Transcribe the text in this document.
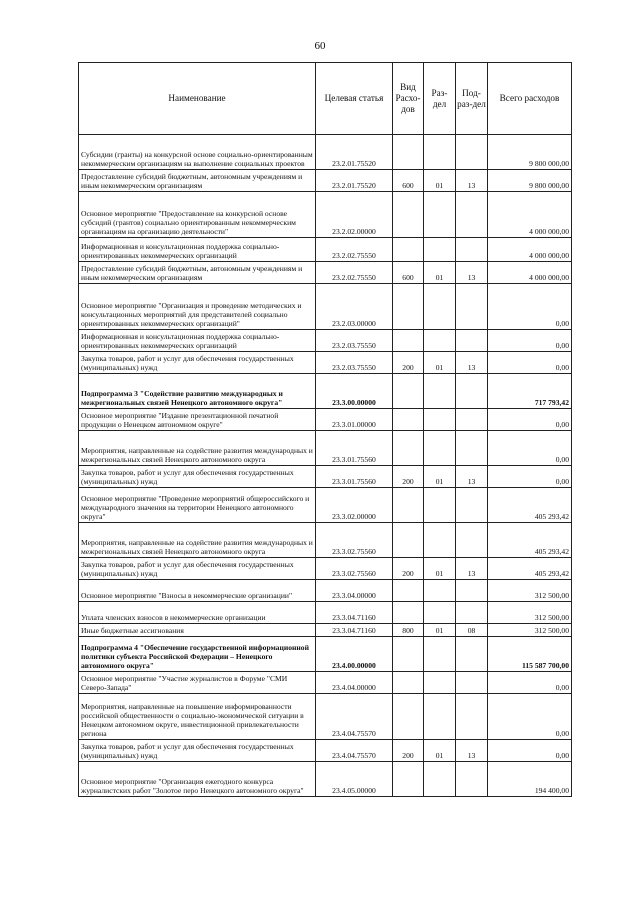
60
Наименование	Целевая статья	Вид Расхо-дов	Раз-дел	Под-раз-дел	Всего расходов
Субсидии (гранты) на конкурсной основе социально-ориентированным некоммерческим организациям на выполнение социальных проектов	23.2.01.75520				9 800 000,00
Предоставление субсидий бюджетным, автономным учреждениям и иным некоммерческим организациям	23.2.01.75520	600	01	13	9 800 000,00
Основное мероприятие "Предоставление на конкурсной основе субсидий (грантов) социально ориентированным некоммерческим организациям на организацию деятельности"	23.2.02.00000				4 000 000,00
Информационная и консультационная поддержка социально-ориентированных некоммерческих организаций	23.2.02.75550				4 000 000,00
Предоставление субсидий бюджетным, автономным учреждениям и иным некоммерческим организациям	23.2.02.75550	600	01	13	4 000 000,00
Основное мероприятие "Организация и проведение методических и консультационных мероприятий для представителей социально ориентированных некоммерческих организаций"	23.2.03.00000				0,00
Информационная и консультационная поддержка социально-ориентированных некоммерческих организаций	23.2.03.75550				0,00
Закупка товаров, работ и услуг для обеспечения государственных (муниципальных) нужд	23.2.03.75550	200	01	13	0,00
Подпрограмма 3 "Содействие развитию международных и межрегиональных связей Ненецкого автономного округа"	23.3.00.00000				717 793,42
Основное мероприятие "Издание презентационной печатной продукции о Ненецком автономном округе"	23.3.01.00000				0,00
Мероприятия, направленные на содействие развития международных и межрегиональных связей Ненецкого автономного округа	23.3.01.75560				0,00
Закупка товаров, работ и услуг для обеспечения государственных (муниципальных) нужд	23.3.01.75560	200	01	13	0,00
Основное мероприятие "Проведение мероприятий общероссийского и международного значения на территории Ненецкого автономного округа"	23.3.02.00000				405 293,42
Мероприятия, направленные на содействие развития международных и межрегиональных связей Ненецкого автономного округа	23.3.02.75560				405 293,42
Закупка товаров, работ и услуг для обеспечения государственных (муниципальных) нужд	23.3.02.75560	200	01	13	405 293,42
Основное мероприятие "Взносы в некоммерческие организации"	23.3.04.00000				312 500,00
Уплата членских взносов в некоммерческие организации	23.3.04.71160				312 500,00
Иные бюджетные ассигнования	23.3.04.71160	800	01	08	312 500,00
Подпрограмма 4 "Обеспечение государственной информационной политики субъекта Российской Федерации – Ненецкого автономного округа"	23.4.00.00000				115 587 700,00
Основное мероприятие "Участие журналистов в Форуме "СМИ Северо-Запада"	23.4.04.00000				0,00
Мероприятия, направленные на повышение информированности российской общественности о социально-экономической ситуации в Ненецком автономном округе, инвестиционной привлекательности региона	23.4.04.75570				0,00
Закупка товаров, работ и услуг для обеспечения государственных (муниципальных) нужд	23.4.04.75570	200	01	13	0,00
Основное мероприятие "Организация ежегодного конкурса журналистских работ "Золотое перо Ненецкого автономного округа"	23.4.05.00000				194 400,00
